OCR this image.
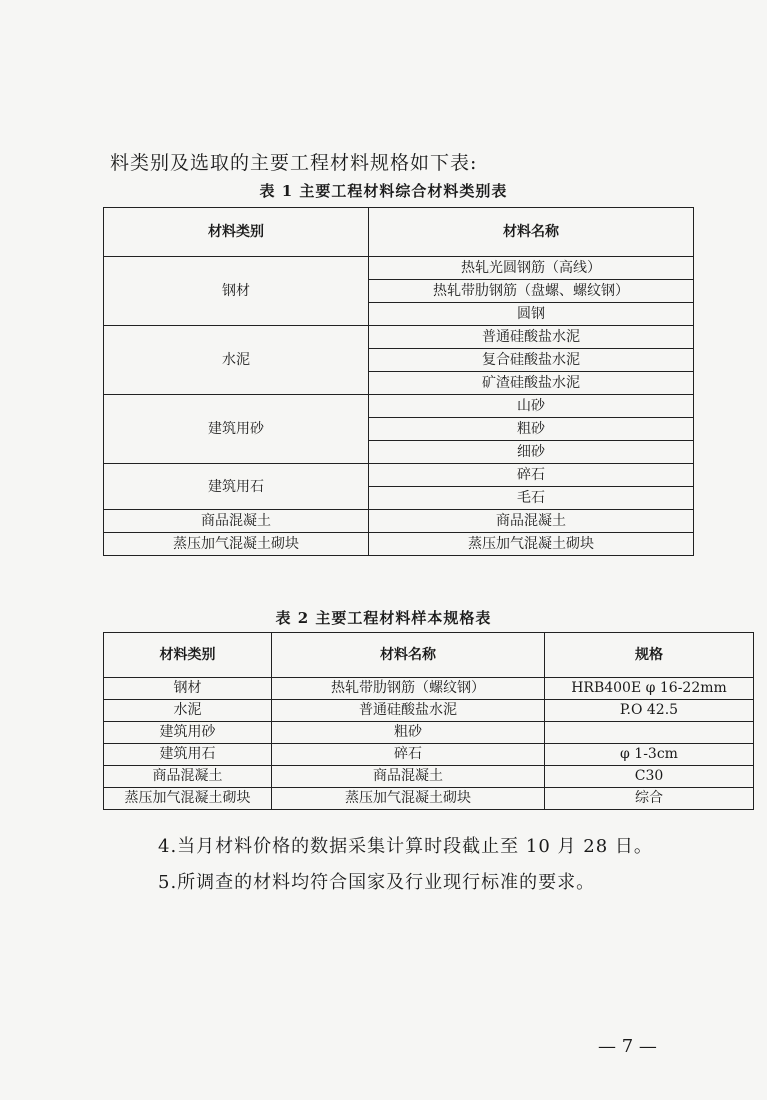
料类别及选取的主要工程材料规格如下表:
表 1 主要工程材料综合材料类别表
材料类别	材料名称
钢材	热轧光圆钢筋（高线）
	热轧带肋钢筋（盘螺、螺纹钢）
	圆钢
水泥	普通硅酸盐水泥
	复合硅酸盐水泥
	矿渣硅酸盐水泥
建筑用砂	山砂
	粗砂
	细砂
建筑用石	碎石
	毛石
商品混凝土	商品混凝土
蒸压加气混凝土砌块	蒸压加气混凝土砌块
表 2 主要工程材料样本规格表
材料类别	材料名称	规格
钢材	热轧带肋钢筋（螺纹钢）	HRB400E φ 16-22mm
水泥	普通硅酸盐水泥	P.O 42.5
建筑用砂	粗砂	
建筑用石	碎石	φ 1-3cm
商品混凝土	商品混凝土	C30
蒸压加气混凝土砌块	蒸压加气混凝土砌块	综合
4.当月材料价格的数据采集计算时段截止至 10 月 28 日。
5.所调查的材料均符合国家及行业现行标准的要求。
— 7 —
